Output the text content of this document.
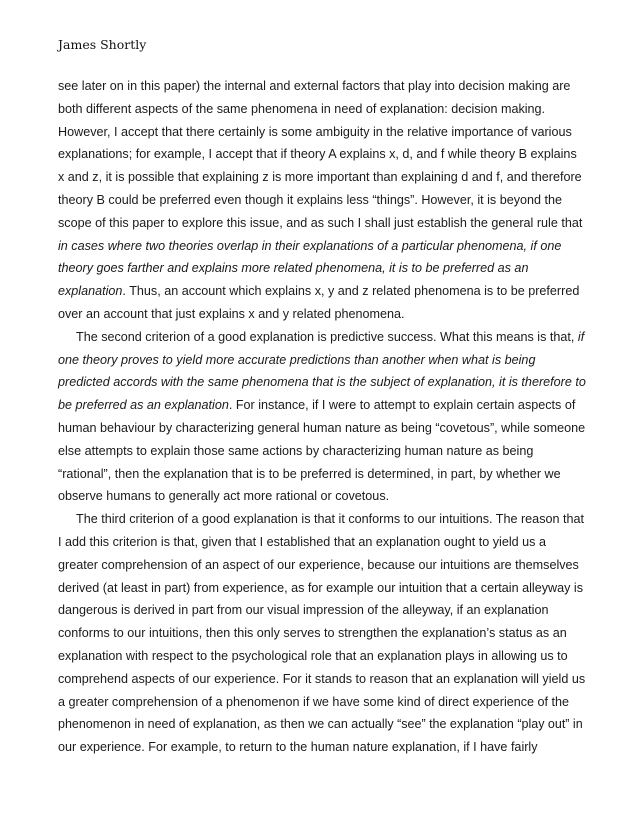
James Shortly
see later on in this paper) the internal and external factors that play into decision making are
both different aspects of the same phenomena in need of explanation: decision making.
However, I accept that there certainly is some ambiguity in the relative importance of various
explanations; for example, I accept that if theory A explains x, d, and f while theory B explains
x and z, it is possible that explaining z is more important than explaining d and f, and therefore
theory B could be preferred even though it explains less “things”. However, it is beyond the
scope of this paper to explore this issue, and as such I shall just establish the general rule that
in cases where two theories overlap in their explanations of a particular phenomena, if one
theory goes farther and explains more related phenomena, it is to be preferred as an
explanation. Thus, an account which explains x, y and z related phenomena is to be preferred
over an account that just explains x and y related phenomena.
The second criterion of a good explanation is predictive success. What this means is that, if
one theory proves to yield more accurate predictions than another when what is being
predicted accords with the same phenomena that is the subject of explanation, it is therefore to
be preferred as an explanation. For instance, if I were to attempt to explain certain aspects of
human behaviour by characterizing general human nature as being “covetous”, while someone
else attempts to explain those same actions by characterizing human nature as being
“rational”, then the explanation that is to be preferred is determined, in part, by whether we
observe humans to generally act more rational or covetous.
The third criterion of a good explanation is that it conforms to our intuitions. The reason that
I add this criterion is that, given that I established that an explanation ought to yield us a
greater comprehension of an aspect of our experience, because our intuitions are themselves
derived (at least in part) from experience, as for example our intuition that a certain alleyway is
dangerous is derived in part from our visual impression of the alleyway, if an explanation
conforms to our intuitions, then this only serves to strengthen the explanation’s status as an
explanation with respect to the psychological role that an explanation plays in allowing us to
comprehend aspects of our experience. For it stands to reason that an explanation will yield us
a greater comprehension of a phenomenon if we have some kind of direct experience of the
phenomenon in need of explanation, as then we can actually “see” the explanation “play out” in
our experience. For example, to return to the human nature explanation, if I have fairly
